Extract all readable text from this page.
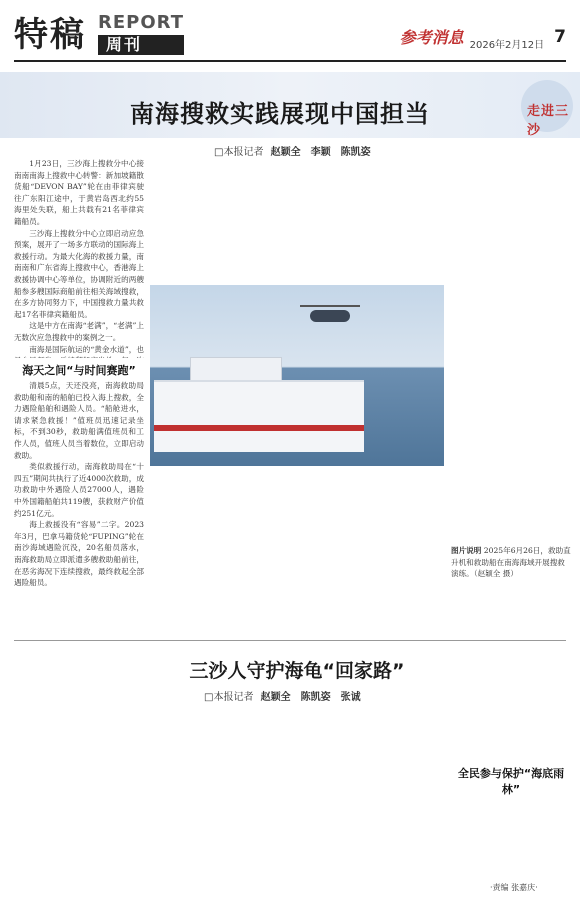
特稿 REPORT
周刊	参考消息 2026年2月12日 7
南海搜救实践展现中国担当	走进三沙
□本报记者 赵颖全　李颖　陈凯姿

1月23日，三沙海上搜救分中心接南南南海上搜救中心转警：新加坡籍散货船“DEVON BAY”轮在由菲律宾驶往广东阳江途中，于黄岩岛西北约55海里处失联，船上共载有21名菲律宾籍船员。

三沙海上搜救分中心立即启动应急预案，展开了一场多方联动的国际海上救援行动。为最大化海的救援力量，南南南和广东省海上搜救中心，香港海上救援协调中心等单位，协调附近的两艘船参多艘国际商船前往相关海域搜救，在多方协同努力下，中国搜救力量共救起17名菲律宾籍船员。

这是中方在南海“老满”，“老满”上无数次应急搜救中的案例之一。

南海是国际航运的“黄金水道”，也

海天之间“与时间赛跑”

清晨5点，天还没亮，南海救助局救助船和南的船舶已投入海上搜救，全力遇险船舶和遇险人员。“船舱进水，请求紧急救援！”值班员迅速记录坐标，不到30秒，救助船满值班员和工作人员，值班人员当着数位，立即启动救助。

类似救援行动，南海救助局在“十四五”期间共执行了近4000次救助，成功救助中外遇险人员27000人，遇险中外国籍船舶共119艘，获救财产价值约251亿元。

海上救援没有“容易”二字。2023年3月，巴拿马籍货轮“FUPING”轮在南沙海域遇险沉没，20名船员落水，南海救助局立即派遣多艘救助船前往，在恶劣海况下连续搜救，最终救起全部遇险船员。

图片说明 2025年6月26日，救助直升机和救助船在南海海域开展搜救演练。（赵颖全 摄）
三沙人守护海龟“回家路”
□本报记者 赵颖全　陈凯姿　张诚
全民参与保护“海底雨林”
·责编 张嘉庆·
